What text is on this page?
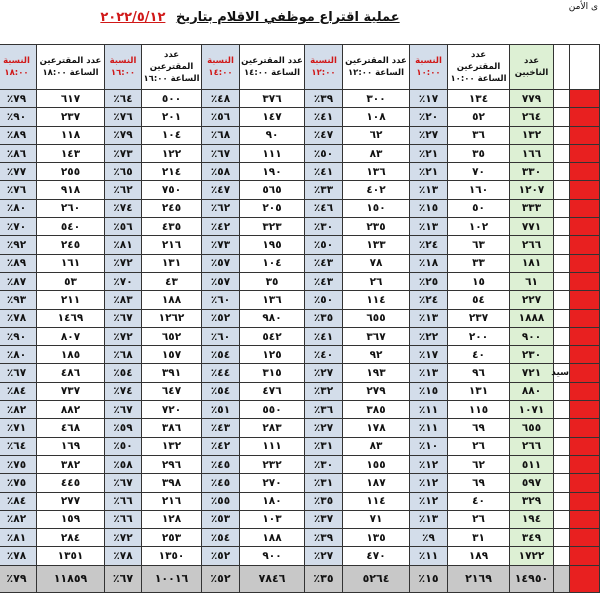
ى الأمن
عملية اقتراع موظفي الاقلام بتاريخ ٢٠٢٢/٥/١٢
		عدد الناخبين	عدد المقترعين الساعة ١٠:٠٠	النسبة ١٠:٠٠	عدد المقترعين الساعة ١٢:٠٠	النسبة ١٢:٠٠	عدد المقترعين الساعة ١٤:٠٠	النسبة ١٤:٠٠	عدد المقترعين الساعة ١٦:٠٠	النسبة ١٦:٠٠	عدد المقترعين الساعة ١٨:٠٠	النسبة ١٨:٠٠	
		٧٧٩	١٣٤	١٧٪	٣٠٠	٣٩٪	٣٧٦	٤٨٪	٥٠٠	٦٤٪	٦١٧	٧٩٪	
		٢٦٤	٥٢	٢٠٪	١٠٨	٤١٪	١٤٧	٥٦٪	٢٠١	٧٦٪	٢٣٧	٩٠٪	
		١٣٢	٣٦	٢٧٪	٦٢	٤٧٪	٩٠	٦٨٪	١٠٤	٧٩٪	١١٨	٨٩٪	
		١٦٦	٣٥	٢١٪	٨٣	٥٠٪	١١١	٦٧٪	١٢٢	٧٣٪	١٤٣	٨٦٪	
		٣٣٠	٧٠	٢١٪	١٣٦	٤١٪	١٩٠	٥٨٪	٢١٤	٦٥٪	٢٥٥	٧٧٪	
		١٢٠٧	١٦٠	١٣٪	٤٠٢	٣٣٪	٥٦٥	٤٧٪	٧٥٠	٦٢٪	٩١٨	٧٦٪	
		٣٣٣	٥٠	١٥٪	١٥٠	٤٦٪	٢٠٥	٦٢٪	٢٤٥	٧٤٪	٢٦٠	٨٠٪	
		٧٧١	١٠٢	١٣٪	٢٣٥	٣٠٪	٣٢٣	٤٢٪	٤٣٥	٥٦٪	٥٤٠	٧٠٪	
		٢٦٦	٦٣	٢٤٪	١٣٣	٥٠٪	١٩٥	٧٣٪	٢١٦	٨١٪	٢٤٥	٩٢٪	
		١٨١	٣٣	١٨٪	٧٨	٤٣٪	١٠٤	٥٧٪	١٣١	٧٢٪	١٦١	٨٩٪	
		٦١	١٥	٢٥٪	٢٦	٤٣٪	٣٥	٥٧٪	٤٣	٧٠٪	٥٣	٨٧٪	
		٢٢٧	٥٤	٢٤٪	١١٤	٥٠٪	١٣٦	٦٠٪	١٨٨	٨٣٪	٢١١	٩٣٪	
		١٨٨٨	٢٣٧	١٣٪	٦٥٥	٣٥٪	٩٨٠	٥٢٪	١٢٦٢	٦٧٪	١٤٦٩	٧٨٪	
		٩٠٠	٢٠٠	٢٢٪	٣٦٧	٤١٪	٥٤٢	٦٠٪	٦٥٢	٧٢٪	٨٠٧	٩٠٪	
		٢٣٠	٤٠	١٧٪	٩٢	٤٠٪	١٢٥	٥٤٪	١٥٧	٦٨٪	١٨٥	٨٠٪	
	سيد	٧٢١	٩٦	١٣٪	١٩٣	٢٧٪	٣١٥	٤٤٪	٣٩١	٥٤٪	٤٨٦	٦٧٪	
		٨٨٠	١٣١	١٥٪	٢٧٩	٣٢٪	٤٧٦	٥٤٪	٦٤٧	٧٤٪	٧٣٧	٨٤٪	
		١٠٧١	١١٥	١١٪	٣٨٥	٣٦٪	٥٥٠	٥١٪	٧٢٠	٦٧٪	٨٨٢	٨٢٪	
		٦٥٥	٦٩	١١٪	١٧٨	٢٧٪	٢٨٣	٤٣٪	٣٨٦	٥٩٪	٤٦٨	٧١٪	
		٢٦٦	٢٦	١٠٪	٨٣	٣١٪	١١١	٤٢٪	١٣٢	٥٠٪	١٦٩	٦٤٪	
		٥١١	٦٢	١٢٪	١٥٥	٣٠٪	٢٣٢	٤٥٪	٢٩٦	٥٨٪	٣٨٢	٧٥٪	
		٥٩٧	٦٩	١٢٪	١٨٧	٣١٪	٢٧٠	٤٥٪	٣٩٨	٦٧٪	٤٤٥	٧٥٪	
		٣٢٩	٤٠	١٢٪	١١٤	٣٥٪	١٨٠	٥٥٪	٢١٦	٦٦٪	٢٧٧	٨٤٪	
		١٩٤	٢٦	١٣٪	٧١	٣٧٪	١٠٣	٥٣٪	١٢٨	٦٦٪	١٥٩	٨٢٪	
		٣٤٩	٣١	٩٪	١٣٥	٣٩٪	١٨٨	٥٤٪	٢٥٣	٧٢٪	٢٨٤	٨١٪	
		١٧٢٢	١٨٩	١١٪	٤٧٠	٢٧٪	٩٠٠	٥٢٪	١٣٥٠	٧٨٪	١٣٥١	٧٨٪	
		١٤٩٥٠	٢١٦٩	١٥٪	٥٢٦٤	٣٥٪	٧٨٤٦	٥٢٪	١٠٠١٦	٦٧٪	١١٨٥٩	٧٩٪	
